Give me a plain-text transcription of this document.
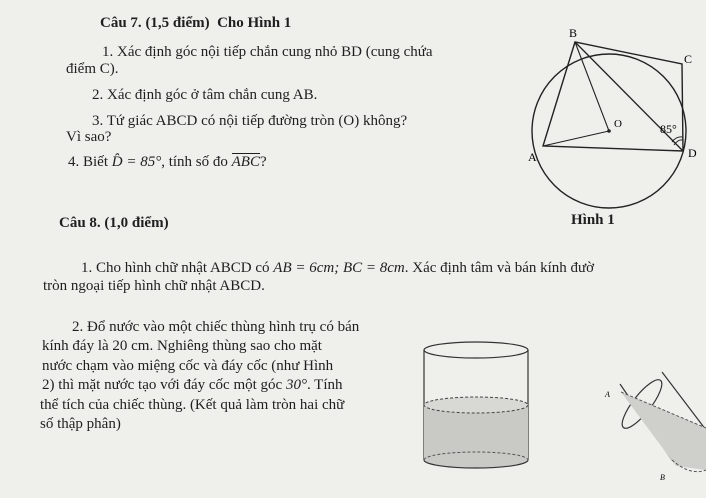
Câu 7. (1,5 điểm) Cho Hình 1
1. Xác định góc nội tiếp chắn cung nhỏ BD (cung chứa
điểm C).
2. Xác định góc ở tâm chắn cung AB.
3. Tứ giác ABCD có nội tiếp đường tròn (O) không?
Vì sao?
4. Biết D̂ = 85°, tính số đo ABC?
B
C
O	85°
A	D
Hình 1
Câu 8. (1,0 điểm)
1. Cho hình chữ nhật ABCD có AB = 6cm; BC = 8cm. Xác định tâm và bán kính đườ
tròn ngoại tiếp hình chữ nhật ABCD.
2. Đổ nước vào một chiếc thùng hình trụ có bán
kính đáy là 20 cm. Nghiêng thùng sao cho mặt
nước chạm vào miệng cốc và đáy cốc (như Hình
2) thì mặt nước tạo với đáy cốc một góc 30°. Tính
thể tích của chiếc thùng. (Kết quả làm tròn hai chữ
số thập phân)
A
B
